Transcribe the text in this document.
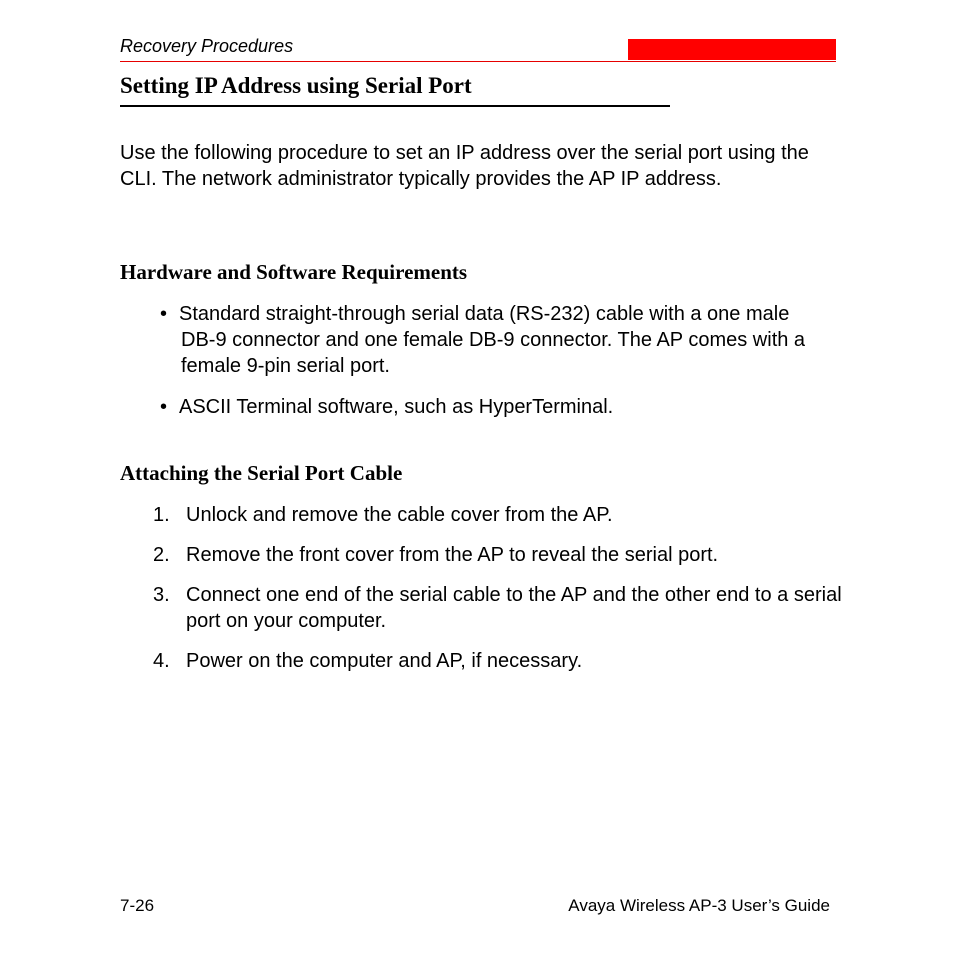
Recovery Procedures
Setting IP Address using Serial Port
Use the following procedure to set an IP address over the serial port using the CLI. The network administrator typically provides the AP IP address.
Hardware and Software Requirements
• Standard straight-through serial data (RS-232) cable with a one male DB-9 connector and one female DB-9 connector. The AP comes with a female 9-pin serial port.
• ASCII Terminal software, such as HyperTerminal.
Attaching the Serial Port Cable
1. Unlock and remove the cable cover from the AP.
2. Remove the front cover from the AP to reveal the serial port.
3. Connect one end of the serial cable to the AP and the other end to a serial port on your computer.
4. Power on the computer and AP, if necessary.
7-26	Avaya Wireless AP-3 User’s Guide
